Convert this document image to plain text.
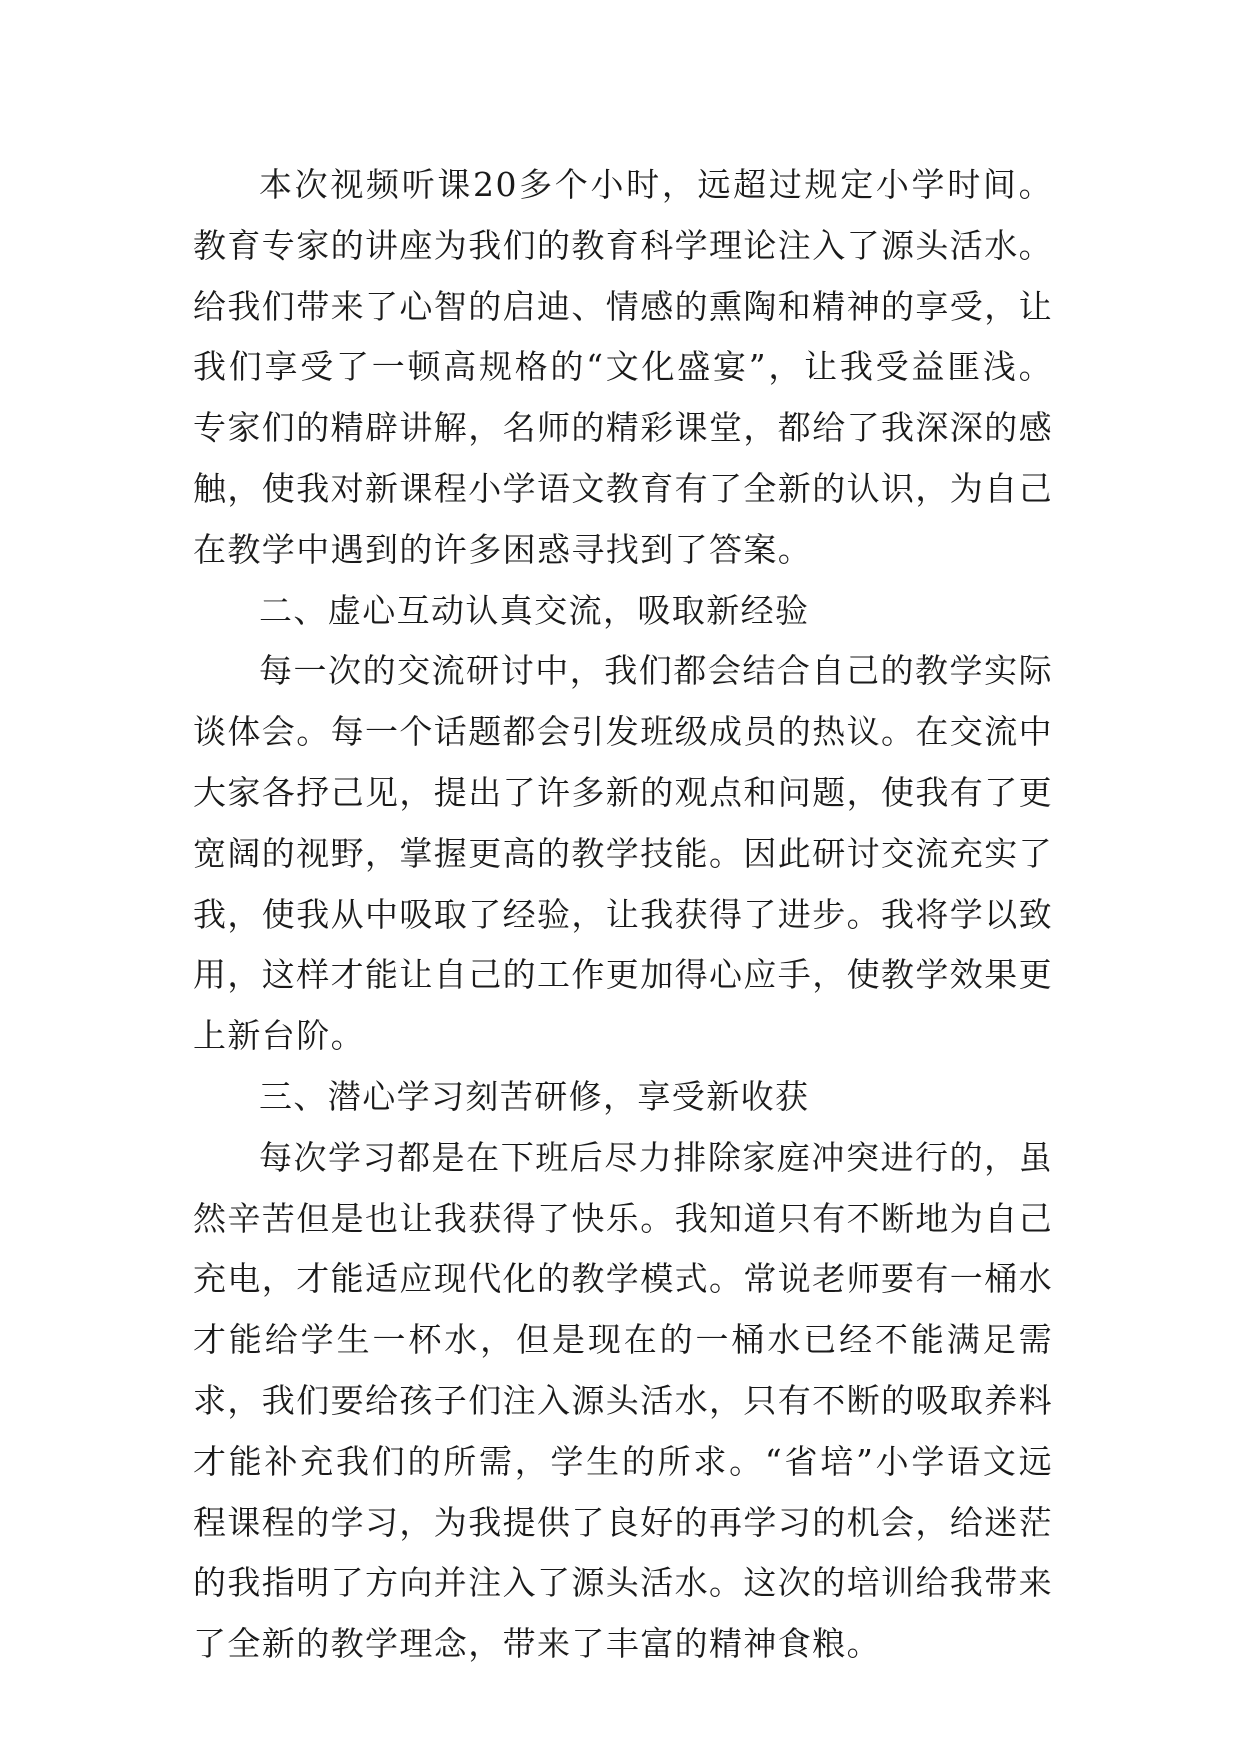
本次视频听课20多个小时，远超过规定小学时间。教育专家的讲座为我们的教育科学理论注入了源头活水。给我们带来了心智的启迪、情感的熏陶和精神的享受，让我们享受了一顿高规格的“文化盛宴”，让我受益匪浅。专家们的精辟讲解，名师的精彩课堂，都给了我深深的感触，使我对新课程小学语文教育有了全新的认识，为自己在教学中遇到的许多困惑寻找到了答案。

二、虚心互动认真交流，吸取新经验

每一次的交流研讨中，我们都会结合自己的教学实际谈体会。每一个话题都会引发班级成员的热议。在交流中大家各抒己见，提出了许多新的观点和问题，使我有了更宽阔的视野，掌握更高的教学技能。因此研讨交流充实了我，使我从中吸取了经验，让我获得了进步。我将学以致用，这样才能让自己的工作更加得心应手，使教学效果更上新台阶。

三、潜心学习刻苦研修，享受新收获

每次学习都是在下班后尽力排除家庭冲突进行的，虽然辛苦但是也让我获得了快乐。我知道只有不断地为自己充电，才能适应现代化的教学模式。常说老师要有一桶水才能给学生一杯水，但是现在的一桶水已经不能满足需求，我们要给孩子们注入源头活水，只有不断的吸取养料才能补充我们的所需，学生的所求。“省培”小学语文远程课程的学习，为我提供了良好的再学习的机会，给迷茫的我指明了方向并注入了源头活水。这次的培训给我带来了全新的教学理念，带来了丰富的精神食粮。
